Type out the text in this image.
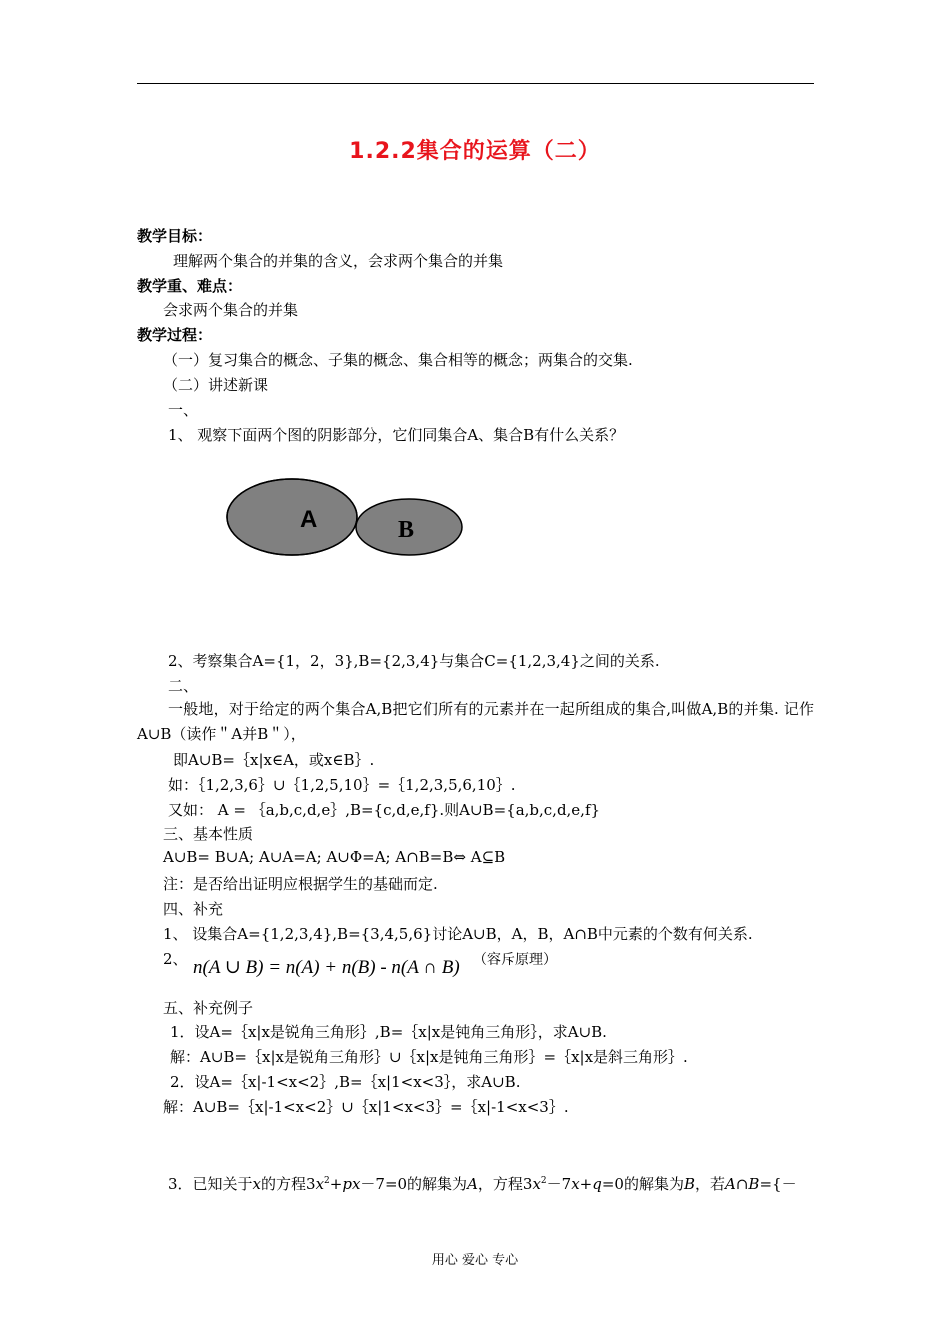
1.2.2集合的运算（二）
教学目标：
理解两个集合的并集的含义，会求两个集合的并集
教学重、难点：
会求两个集合的并集
教学过程：
（一）复习集合的概念、子集的概念、集合相等的概念；两集合的交集.
（二）讲述新课
一、
1、 观察下面两个图的阴影部分，它们同集合A、集合B有什么关系？
A	B
2、考察集合A={1，2，3},B={2,3,4}与集合C={1,2,3,4}之间的关系.
二、
一般地，对于给定的两个集合A,B把它们所有的元素并在一起所组成的集合,叫做A,B的并集. 记作A∪B（读作＂A并B＂），
即A∪B=｛x|x∈A，或x∈B｝.
如：｛1,2,3,6｝∪｛1,2,5,10｝=｛1,2,3,5,6,10｝.
又如： A = ｛a,b,c,d,e｝,B={c,d,e,f}.则A∪B={a,b,c,d,e,f}
三、基本性质
A∪B= B∪A; A∪A=A; A∪Φ=A; A∩B=B⇔ A⊆B
注：是否给出证明应根据学生的基础而定.
四、补充
1、 设集合A={1,2,3,4},B={3,4,5,6}讨论A∪B，A，B，A∩B中元素的个数有何关系.
2、 n(A ∪ B) = n(A) + n(B) - n(A ∩ B) （容斥原理）
五、补充例子
1．设A=｛x|x是锐角三角形｝,B=｛x|x是钝角三角形｝，求A∪B.
解：A∪B=｛x|x是锐角三角形｝∪｛x|x是钝角三角形｝=｛x|x是斜三角形｝.
2．设A=｛x|-1<x<2｝,B=｛x|1<x<3｝，求A∪B.
解：A∪B=｛x|-1<x<2｝∪｛x|1<x<3｝=｛x|-1<x<3｝.
3．已知关于x的方程$3x^2+px-7=0$的解集为A，方程$3x^2-7x+q=0$的解集为B，若A∩B={－
用心 爱心 专心
